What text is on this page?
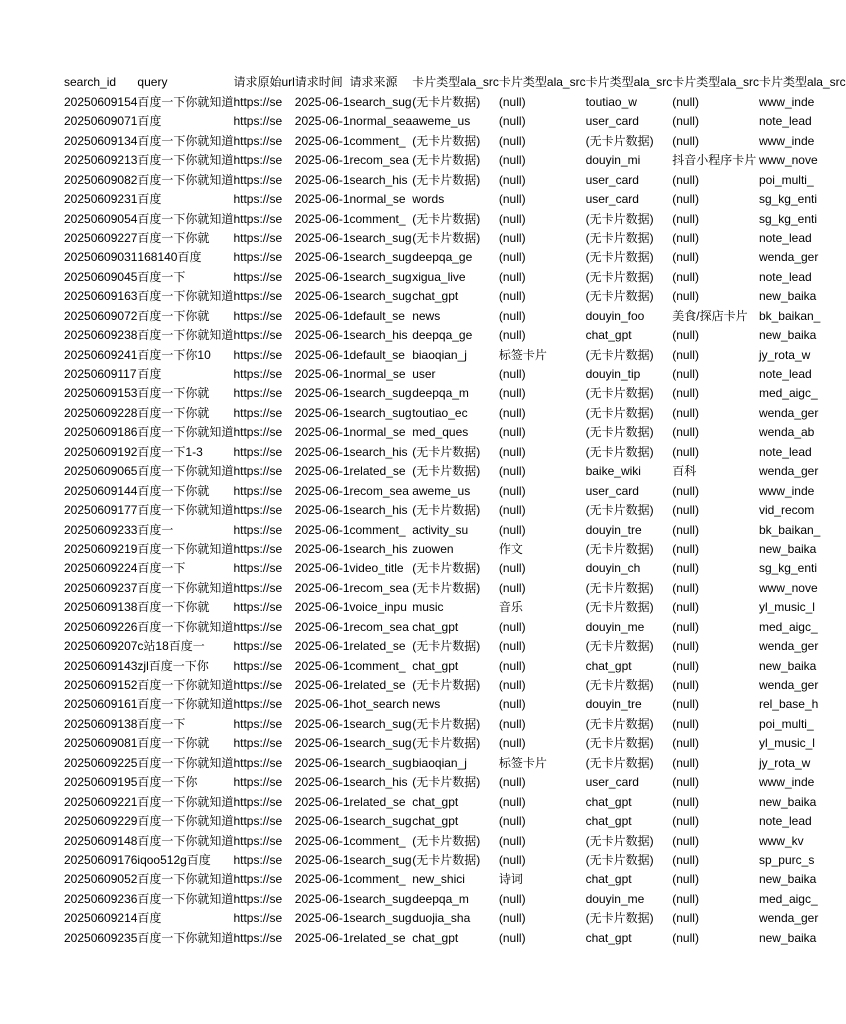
search_id	query	请求原始url	请求时间	请求来源	卡片类型ala_src	卡片类型ala_src	卡片类型ala_src	卡片类型ala_src	卡片类型ala_src
20250609154	百度一下你就知道	https://se	2025-06-1	search_sug	(无卡片数据)	(null)	toutiao_w	(null)	www_inde
20250609071	百度	https://se	2025-06-1	normal_sea	aweme_us	(null)	user_card	(null)	note_lead
20250609134	百度一下你就知道	https://se	2025-06-1	comment_	(无卡片数据)	(null)	(无卡片数据)	(null)	www_inde
20250609213	百度一下你就知道	https://se	2025-06-1	recom_sea	(无卡片数据)	(null)	douyin_mi	抖音小程序卡片	www_nove
20250609082	百度一下你就知道	https://se	2025-06-1	search_his	(无卡片数据)	(null)	user_card	(null)	poi_multi_
20250609231	百度	https://se	2025-06-1	normal_se	words	(null)	user_card	(null)	sg_kg_enti
20250609054	百度一下你就知道	https://se	2025-06-1	comment_	(无卡片数据)	(null)	(无卡片数据)	(null)	sg_kg_enti
20250609227	百度一下你就	https://se	2025-06-1	search_sug	(无卡片数据)	(null)	(无卡片数据)	(null)	note_lead
20250609031	168140百度	https://se	2025-06-1	search_sug	deepqa_ge	(null)	(无卡片数据)	(null)	wenda_ger
20250609045	百度一下	https://se	2025-06-1	search_sug	xigua_live	(null)	(无卡片数据)	(null)	note_lead
20250609163	百度一下你就知道	https://se	2025-06-1	search_sug	chat_gpt	(null)	(无卡片数据)	(null)	new_baika
20250609072	百度一下你就	https://se	2025-06-1	default_se	news	(null)	douyin_foo	美食/探店卡片	bk_baikan_
20250609238	百度一下你就知道	https://se	2025-06-1	search_his	deepqa_ge	(null)	chat_gpt	(null)	new_baika
20250609241	百度一下你10	https://se	2025-06-1	default_se	biaoqian_j	标签卡片	(无卡片数据)	(null)	jy_rota_w
20250609117	百度	https://se	2025-06-1	normal_se	user	(null)	douyin_tip	(null)	note_lead
20250609153	百度一下你就	https://se	2025-06-1	search_sug	deepqa_m	(null)	(无卡片数据)	(null)	med_aigc_
20250609228	百度一下你就	https://se	2025-06-1	search_sug	toutiao_ec	(null)	(无卡片数据)	(null)	wenda_ger
20250609186	百度一下你就知道	https://se	2025-06-1	normal_se	med_ques	(null)	(无卡片数据)	(null)	wenda_ab
20250609192	百度一下1-3	https://se	2025-06-1	search_his	(无卡片数据)	(null)	(无卡片数据)	(null)	note_lead
20250609065	百度一下你就知道	https://se	2025-06-1	related_se	(无卡片数据)	(null)	baike_wiki	百科	wenda_ger
20250609144	百度一下你就	https://se	2025-06-1	recom_sea	aweme_us	(null)	user_card	(null)	www_inde
20250609177	百度一下你就知道	https://se	2025-06-1	search_his	(无卡片数据)	(null)	(无卡片数据)	(null)	vid_recom
20250609233	百度一	https://se	2025-06-1	comment_	activity_su	(null)	douyin_tre	(null)	bk_baikan_
20250609219	百度一下你就知道	https://se	2025-06-1	search_his	zuowen	作文	(无卡片数据)	(null)	new_baika
20250609224	百度一下	https://se	2025-06-1	video_title	(无卡片数据)	(null)	douyin_ch	(null)	sg_kg_enti
20250609237	百度一下你就知道	https://se	2025-06-1	recom_sea	(无卡片数据)	(null)	(无卡片数据)	(null)	www_nove
20250609138	百度一下你就	https://se	2025-06-1	voice_inpu	music	音乐	(无卡片数据)	(null)	yl_music_l
20250609226	百度一下你就知道	https://se	2025-06-1	recom_sea	chat_gpt	(null)	douyin_me	(null)	med_aigc_
20250609207	c站18百度一	https://se	2025-06-1	related_se	(无卡片数据)	(null)	(无卡片数据)	(null)	wenda_ger
20250609143	zjl百度一下你	https://se	2025-06-1	comment_	chat_gpt	(null)	chat_gpt	(null)	new_baika
20250609152	百度一下你就知道	https://se	2025-06-1	related_se	(无卡片数据)	(null)	(无卡片数据)	(null)	wenda_ger
20250609161	百度一下你就知道	https://se	2025-06-1	hot_search	news	(null)	douyin_tre	(null)	rel_base_h
20250609138	百度一下	https://se	2025-06-1	search_sug	(无卡片数据)	(null)	(无卡片数据)	(null)	poi_multi_
20250609081	百度一下你就	https://se	2025-06-1	search_sug	(无卡片数据)	(null)	(无卡片数据)	(null)	yl_music_l
20250609225	百度一下你就知道	https://se	2025-06-1	search_sug	biaoqian_j	标签卡片	(无卡片数据)	(null)	jy_rota_w
20250609195	百度一下你	https://se	2025-06-1	search_his	(无卡片数据)	(null)	user_card	(null)	www_inde
20250609221	百度一下你就知道	https://se	2025-06-1	related_se	chat_gpt	(null)	chat_gpt	(null)	new_baika
20250609229	百度一下你就知道	https://se	2025-06-1	search_sug	chat_gpt	(null)	chat_gpt	(null)	note_lead
20250609148	百度一下你就知道	https://se	2025-06-1	comment_	(无卡片数据)	(null)	(无卡片数据)	(null)	www_kv
20250609176	iqoo512g百度	https://se	2025-06-1	search_sug	(无卡片数据)	(null)	(无卡片数据)	(null)	sp_purc_s
20250609052	百度一下你就知道	https://se	2025-06-1	comment_	new_shici	诗词	chat_gpt	(null)	new_baika
20250609236	百度一下你就知道	https://se	2025-06-1	search_sug	deepqa_m	(null)	douyin_me	(null)	med_aigc_
20250609214	百度	https://se	2025-06-1	search_sug	duojia_sha	(null)	(无卡片数据)	(null)	wenda_ger
20250609235	百度一下你就知道	https://se	2025-06-1	related_se	chat_gpt	(null)	chat_gpt	(null)	new_baika
